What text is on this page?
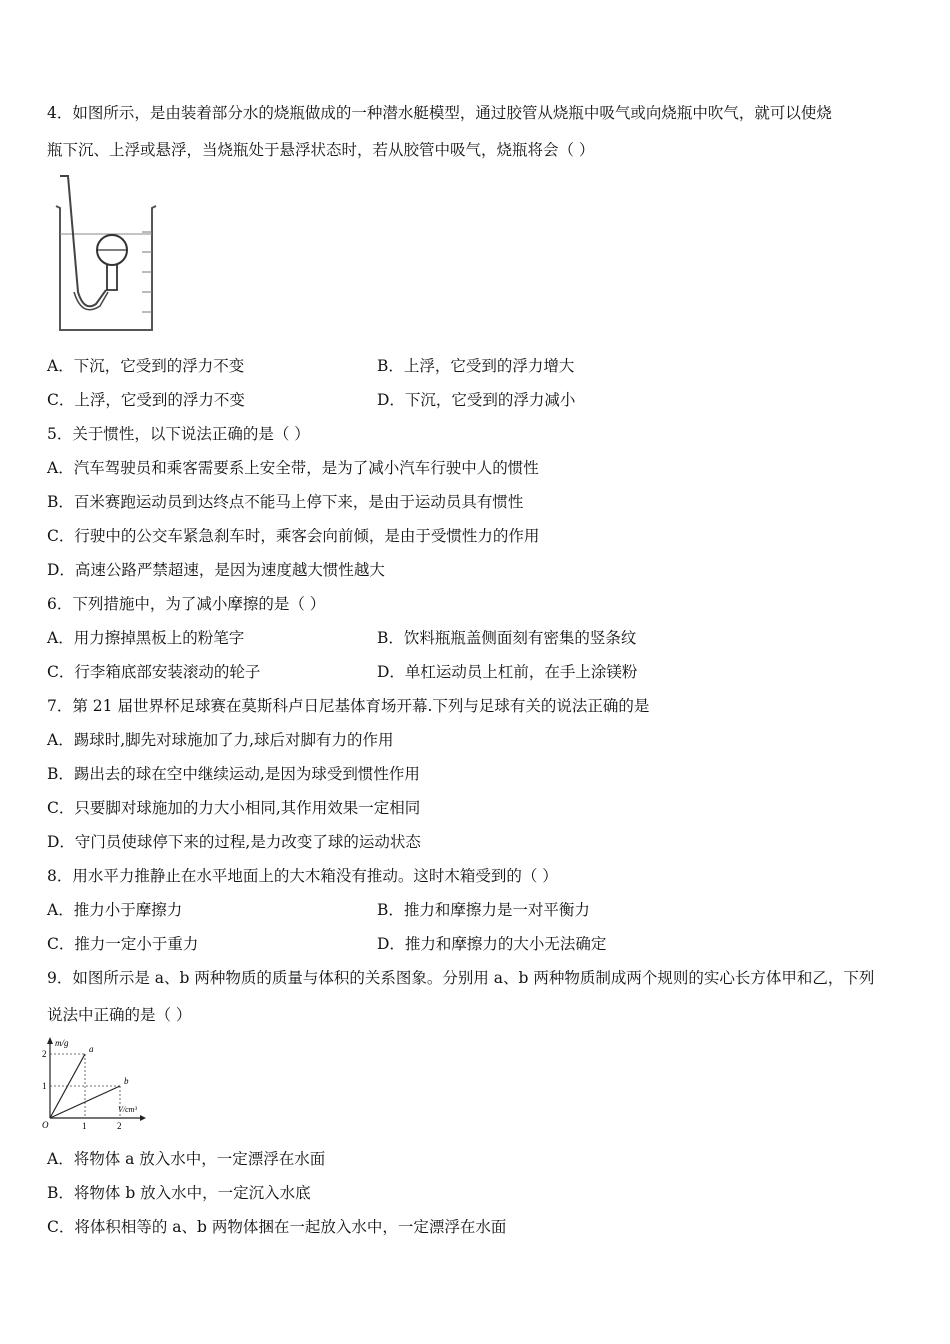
4．如图所示，是由装着部分水的烧瓶做成的一种潜水艇模型，通过胶管从烧瓶中吸气或向烧瓶中吹气，就可以使烧
瓶下沉、上浮或悬浮，当烧瓶处于悬浮状态时，若从胶管中吸气，烧瓶将会（ ）
A．下沉，它受到的浮力不变	B．上浮，它受到的浮力增大
C．上浮，它受到的浮力不变	D．下沉，它受到的浮力减小
5．关于惯性，以下说法正确的是（ ）
A．汽车驾驶员和乘客需要系上安全带，是为了减小汽车行驶中人的惯性
B．百米赛跑运动员到达终点不能马上停下来，是由于运动员具有惯性
C．行驶中的公交车紧急刹车时，乘客会向前倾，是由于受惯性力的作用
D．高速公路严禁超速，是因为速度越大惯性越大
6．下列措施中，为了减小摩擦的是（ ）
A．用力擦掉黑板上的粉笔字	B．饮料瓶瓶盖侧面刻有密集的竖条纹
C．行李箱底部安装滚动的轮子	D．单杠运动员上杠前，在手上涂镁粉
7．第 21 届世界杯足球赛在莫斯科卢日尼基体育场开幕.下列与足球有关的说法正确的是
A．踢球时,脚先对球施加了力,球后对脚有力的作用
B．踢出去的球在空中继续运动,是因为球受到惯性作用
C．只要脚对球施加的力大小相同,其作用效果一定相同
D．守门员使球停下来的过程,是力改变了球的运动状态
8．用水平力推静止在水平地面上的大木箱没有推动。这时木箱受到的（ ）
A．推力小于摩擦力	B．推力和摩擦力是一对平衡力
C．推力一定小于重力	D．推力和摩擦力的大小无法确定
9．如图所示是 a、b 两种物质的质量与体积的关系图象。分别用 a、b 两种物质制成两个规则的实心长方体甲和乙，下列
说法中正确的是（ ）
m/g
V/cm³
O
2
1
1	2
a
b
A．将物体 a 放入水中，一定漂浮在水面
B．将物体 b 放入水中，一定沉入水底
C．将体积相等的 a、b 两物体捆在一起放入水中，一定漂浮在水面
